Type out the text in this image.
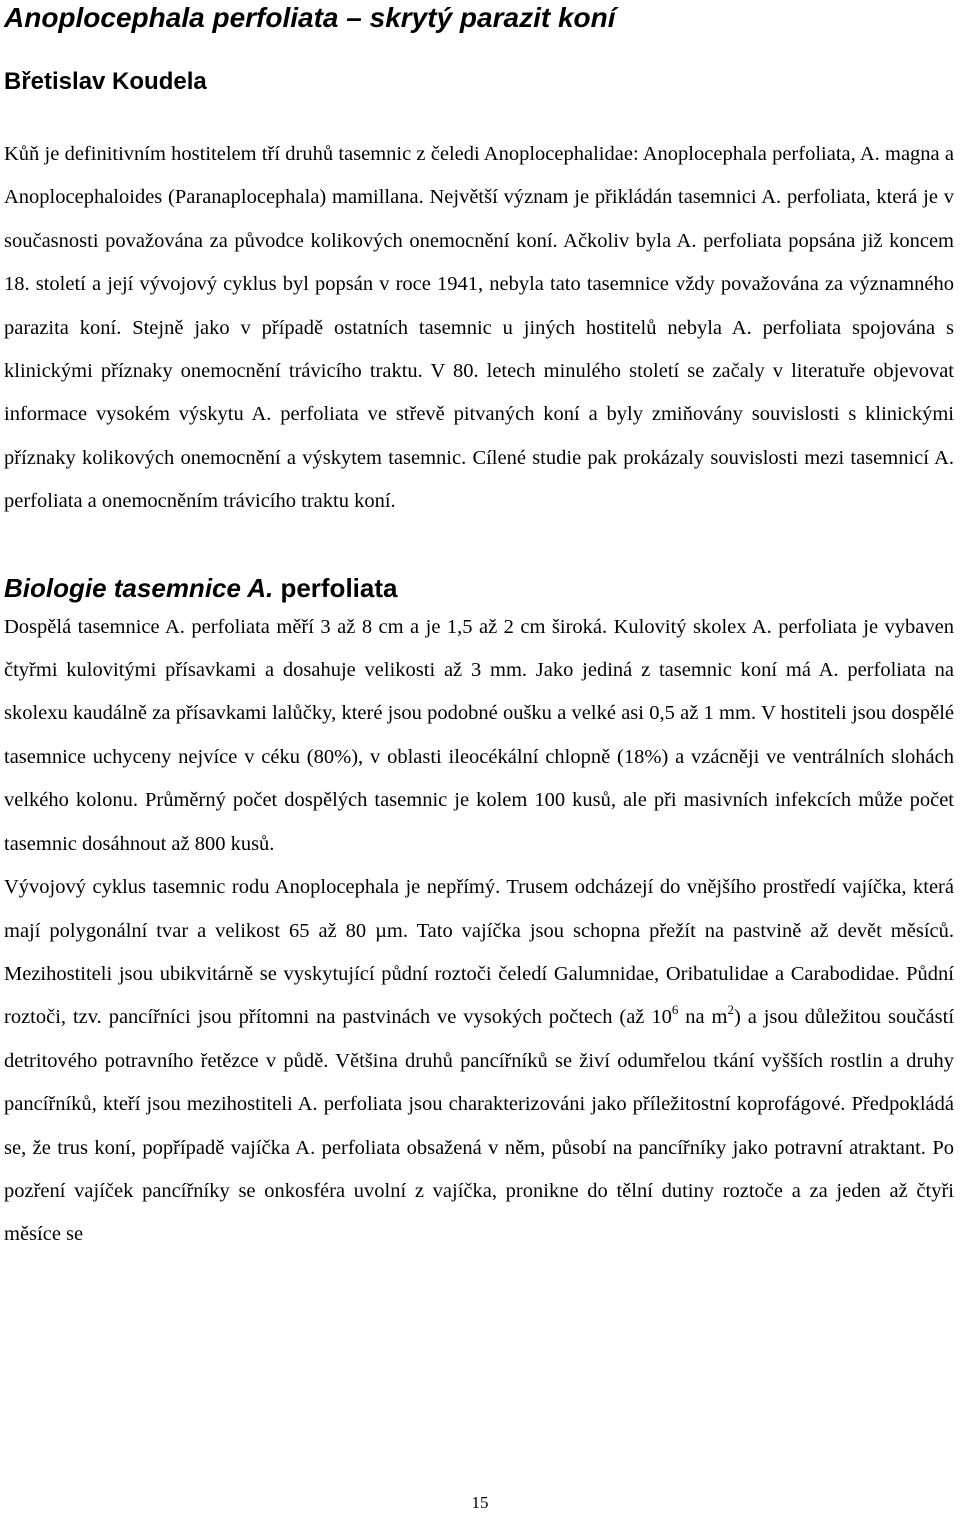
Anoplocephala perfoliata – skrytý parazit koní

Břetislav Koudela

Kůň je definitivním hostitelem tří druhů tasemnic z čeledi Anoplocephalidae: Anoplocephala perfoliata, A. magna a Anoplocephaloides (Paranaplocephala) mamillana. Největší význam je přikládán tasemnici A. perfoliata, která je v současnosti považována za původce kolikových onemocnění koní. Ačkoliv byla A. perfoliata popsána již koncem 18. století a její vývojový cyklus byl popsán v roce 1941, nebyla tato tasemnice vždy považována za významného parazita koní. Stejně jako v případě ostatních tasemnic u jiných hostitelů nebyla A. perfoliata spojována s klinickými příznaky onemocnění trávicího traktu. V 80. letech minulého století se začaly v literatuře objevovat informace vysokém výskytu A. perfoliata ve střevě pitvaných koní a byly zmiňovány souvislosti s klinickými příznaky kolikových onemocnění a výskytem tasemnic. Cílené studie pak prokázaly souvislosti mezi tasemnicí A. perfoliata a onemocněním trávicího traktu koní.

Biologie tasemnice A. perfoliata

Dospělá tasemnice A. perfoliata měří 3 až 8 cm a je 1,5 až 2 cm široká. Kulovitý skolex A. perfoliata je vybaven čtyřmi kulovitými přísavkami a dosahuje velikosti až 3 mm. Jako jediná z tasemnic koní má A. perfoliata na skolexu kaudálně za přísavkami lalůčky, které jsou podobné oušku a velké asi 0,5 až 1 mm. V hostiteli jsou dospělé tasemnice uchyceny nejvíce v céku (80%), v oblasti ileocékální chlopně (18%) a vzácněji ve ventrálních slohách velkého kolonu. Průměrný počet dospělých tasemnic je kolem 100 kusů, ale při masivních infekcích může počet tasemnic dosáhnout až 800 kusů.

Vývojový cyklus tasemnic rodu Anoplocephala je nepřímý. Trusem odcházejí do vnějšího prostředí vajíčka, která mají polygonální tvar a velikost 65 až 80 µm. Tato vajíčka jsou schopna přežít na pastvině až devět měsíců. Mezihostiteli jsou ubikvitárně se vyskytující půdní roztoči čeledí Galumnidae, Oribatulidae a Carabodidae. Půdní roztoči, tzv. pancířníci jsou přítomni na pastvinách ve vysokých počtech (až $10^6$ na $m^2$) a jsou důležitou součástí detritového potravního řetězce v půdě. Většina druhů pancířníků se živí odumřelou tkání vyšších rostlin a druhy pancířníků, kteří jsou mezihostiteli A. perfoliata jsou charakterizováni jako příležitostní koprofágové. Předpokládá se, že trus koní, popřípadě vajíčka A. perfoliata obsažená v něm, působí na pancířníky jako potravní atraktant. Po pozření vajíček pancířníky se onkosféra uvolní z vajíčka, pronikne do tělní dutiny roztoče a za jeden až čtyři měsíce se

15
